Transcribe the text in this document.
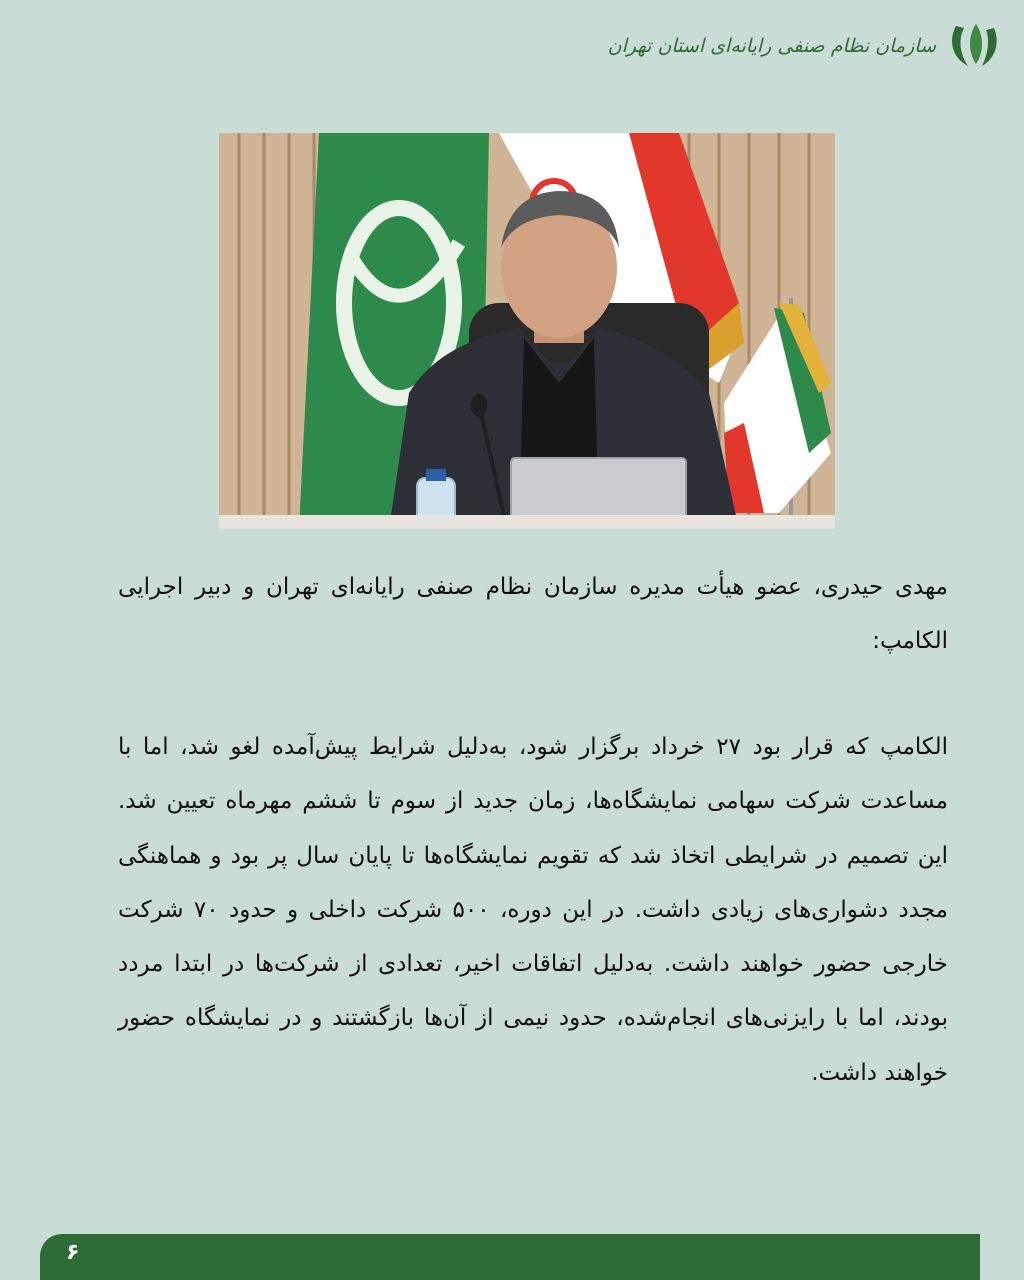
سازمان نظام صنفی رایانه‌ای استان تهران

مهدی حیدری، عضو هیأت مدیره سازمان نظام صنفی رایانه‌ای تهران و دبیر اجرایی الکامپ:

الکامپ که قرار بود ۲۷ خرداد برگزار شود، به‌دلیل شرایط پیش‌آمده لغو شد، اما با مساعدت شرکت سهامی نمایشگاه‌ها، زمان جدید از سوم تا ششم مهرماه تعیین شد. این تصمیم در شرایطی اتخاذ شد که تقویم نمایشگاه‌ها تا پایان سال پر بود و هماهنگی مجدد دشواری‌های زیادی داشت. در این دوره، ۵۰۰ شرکت داخلی و حدود ۷۰ شرکت خارجی حضور خواهند داشت. به‌دلیل اتفاقات اخیر، تعدادی از شرکت‌ها در ابتدا مردد بودند، اما با رایزنی‌های انجام‌شده، حدود نیمی از آن‌ها بازگشتند و در نمایشگاه حضور خواهند داشت.

۶
